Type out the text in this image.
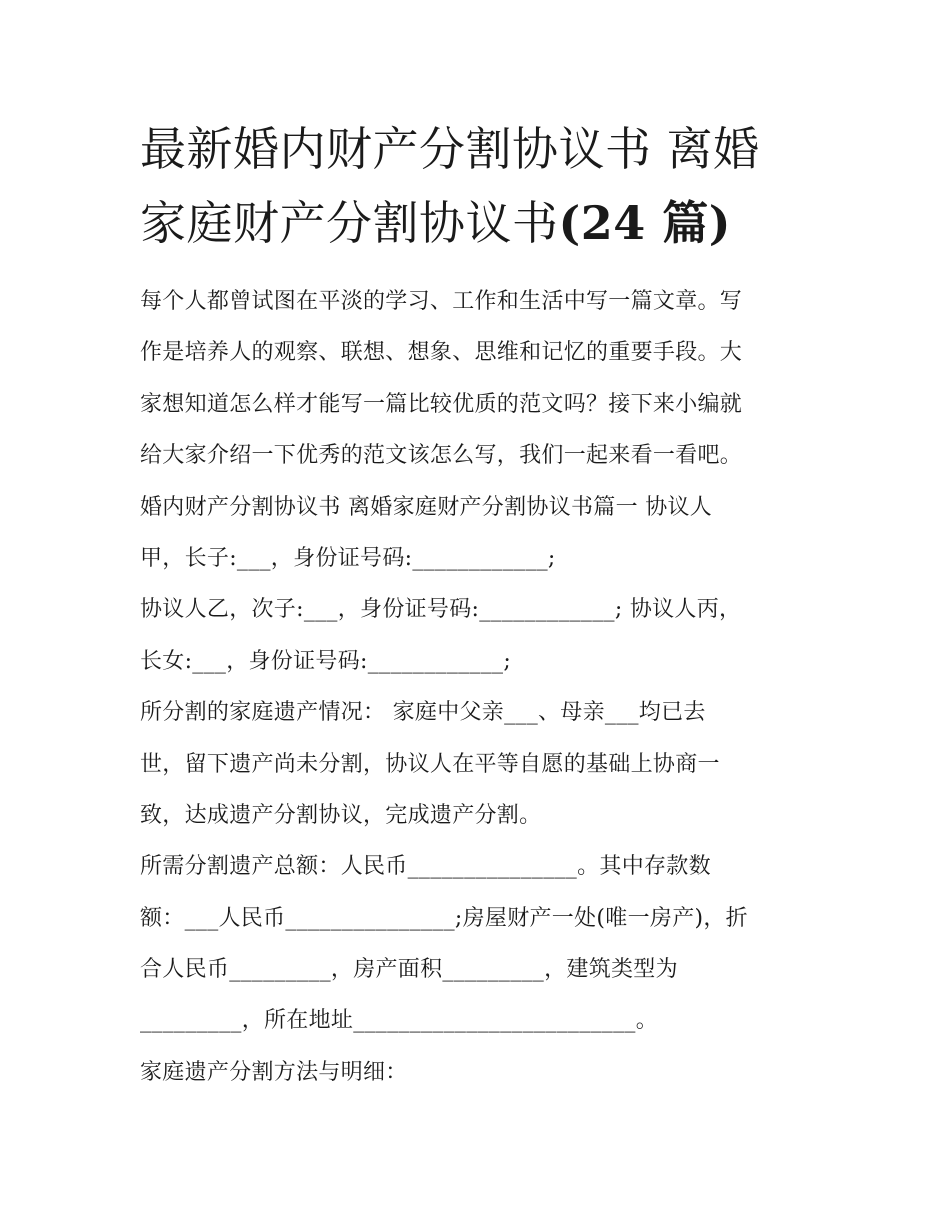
最新婚内财产分割协议书 离婚
家庭财产分割协议书(24 篇)
每个人都曾试图在平淡的学习、工作和生活中写一篇文章。写
作是培养人的观察、联想、想象、思维和记忆的重要手段。大
家想知道怎么样才能写一篇比较优质的范文吗？接下来小编就
给大家介绍一下优秀的范文该怎么写，我们一起来看一看吧。
婚内财产分割协议书 离婚家庭财产分割协议书篇一 协议人
甲，长子:___，身份证号码:____________;
协议人乙，次子:___，身份证号码:____________; 协议人丙，
长女:___，身份证号码:____________;
所分割的家庭遗产情况： 家庭中父亲___、母亲___均已去
世，留下遗产尚未分割，协议人在平等自愿的基础上协商一
致，达成遗产分割协议，完成遗产分割。
所需分割遗产总额：人民币_______________。其中存款数
额：___人民币_______________;房屋财产一处(唯一房产)，折
合人民币_________，房产面积_________，建筑类型为
_________，所在地址_________________________。
家庭遗产分割方法与明细：
